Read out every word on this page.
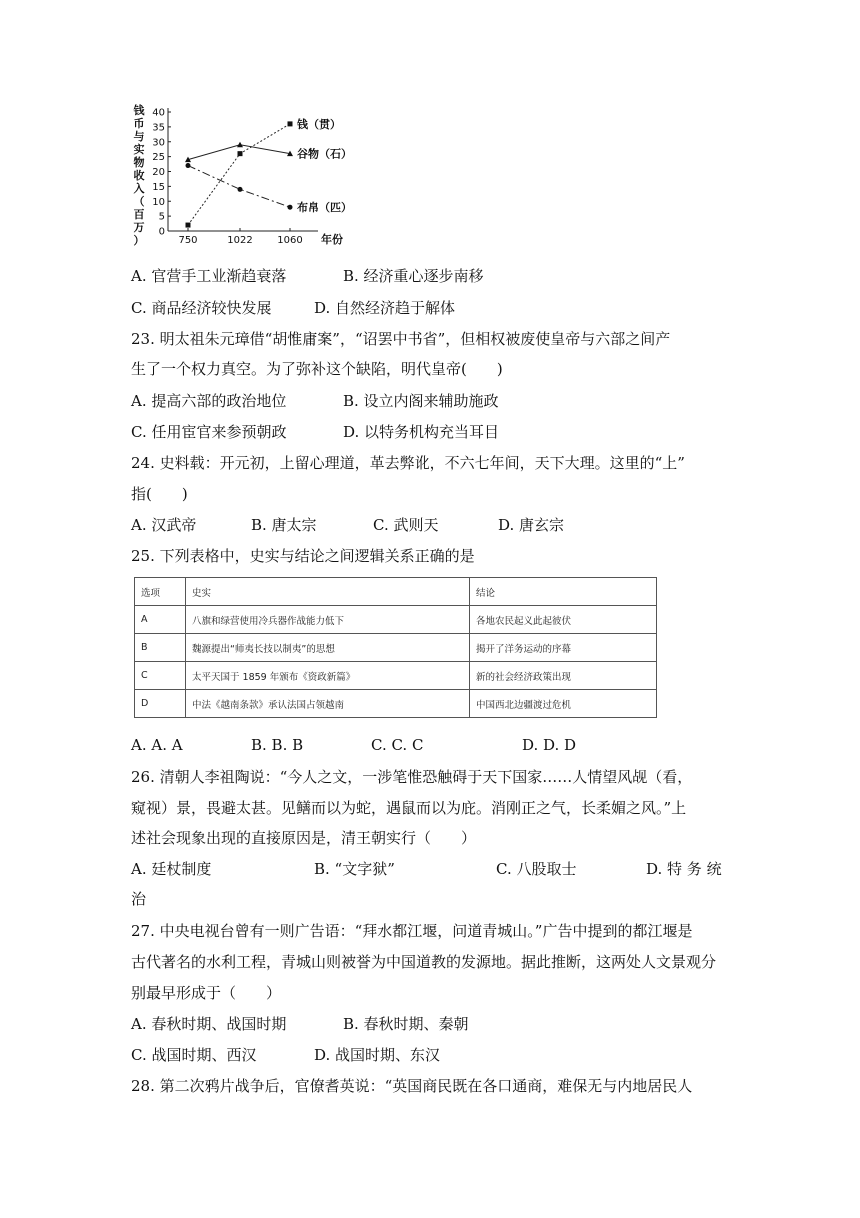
钱
币
与
实
物
收
入
（
百
万
）
0
5
10
15
20
25
30
35
40
750	1022 1060 年份
钱（贯）
谷物（石）
布帛（匹）
A. 官营手工业渐趋衰落	B. 经济重心逐步南移
C. 商品经济较快发展	D. 自然经济趋于解体
23. 明太祖朱元璋借“胡惟庸案”，“诏罢中书省”，但相权被废使皇帝与六部之间产
生了一个权力真空。为了弥补这个缺陷，明代皇帝(　　)
A. 提高六部的政治地位	B. 设立内阁来辅助施政
C. 任用宦官来参预朝政	D. 以特务机构充当耳目
24. 史料载：开元初，上留心理道，革去弊讹，不六七年间，天下大理。这里的“上”
指(　　)
A. 汉武帝	B. 唐太宗	C. 武则天	D. 唐玄宗
25. 下列表格中，史实与结论之间逻辑关系正确的是
选项	史实	结论
A	八旗和绿营使用冷兵器作战能力低下	各地农民起义此起彼伏
B	魏源提出“师夷长技以制夷”的思想	揭开了洋务运动的序幕
C	太平天国于 1859 年颁布《资政新篇》	新的社会经济政策出现
D	中法《越南条款》承认法国占领越南	中国西北边疆渡过危机
A. A. A	B. B. B	C. C. C	D. D. D
26. 清朝人李祖陶说：“今人之文，一涉笔惟恐触碍于天下国家……人情望风觇（看，
窥视）景，畏避太甚。见鳝而以为蛇，遇鼠而以为庇。消刚正之气，长柔媚之风。”上
述社会现象出现的直接原因是，清王朝实行（　　）
A. 廷杖制度	B. “文字狱”	C. 八股取士	D. 特 务 统
治
27. 中央电视台曾有一则广告语：“拜水都江堰，问道青城山。”广告中提到的都江堰是
古代著名的水利工程，青城山则被誉为中国道教的发源地。据此推断，这两处人文景观分
别最早形成于（　　）
A. 春秋时期、战国时期	B. 春秋时期、秦朝
C. 战国时期、西汉	D. 战国时期、东汉
28. 第二次鸦片战争后，官僚耆英说：“英国商民既在各口通商，难保无与内地居民人
